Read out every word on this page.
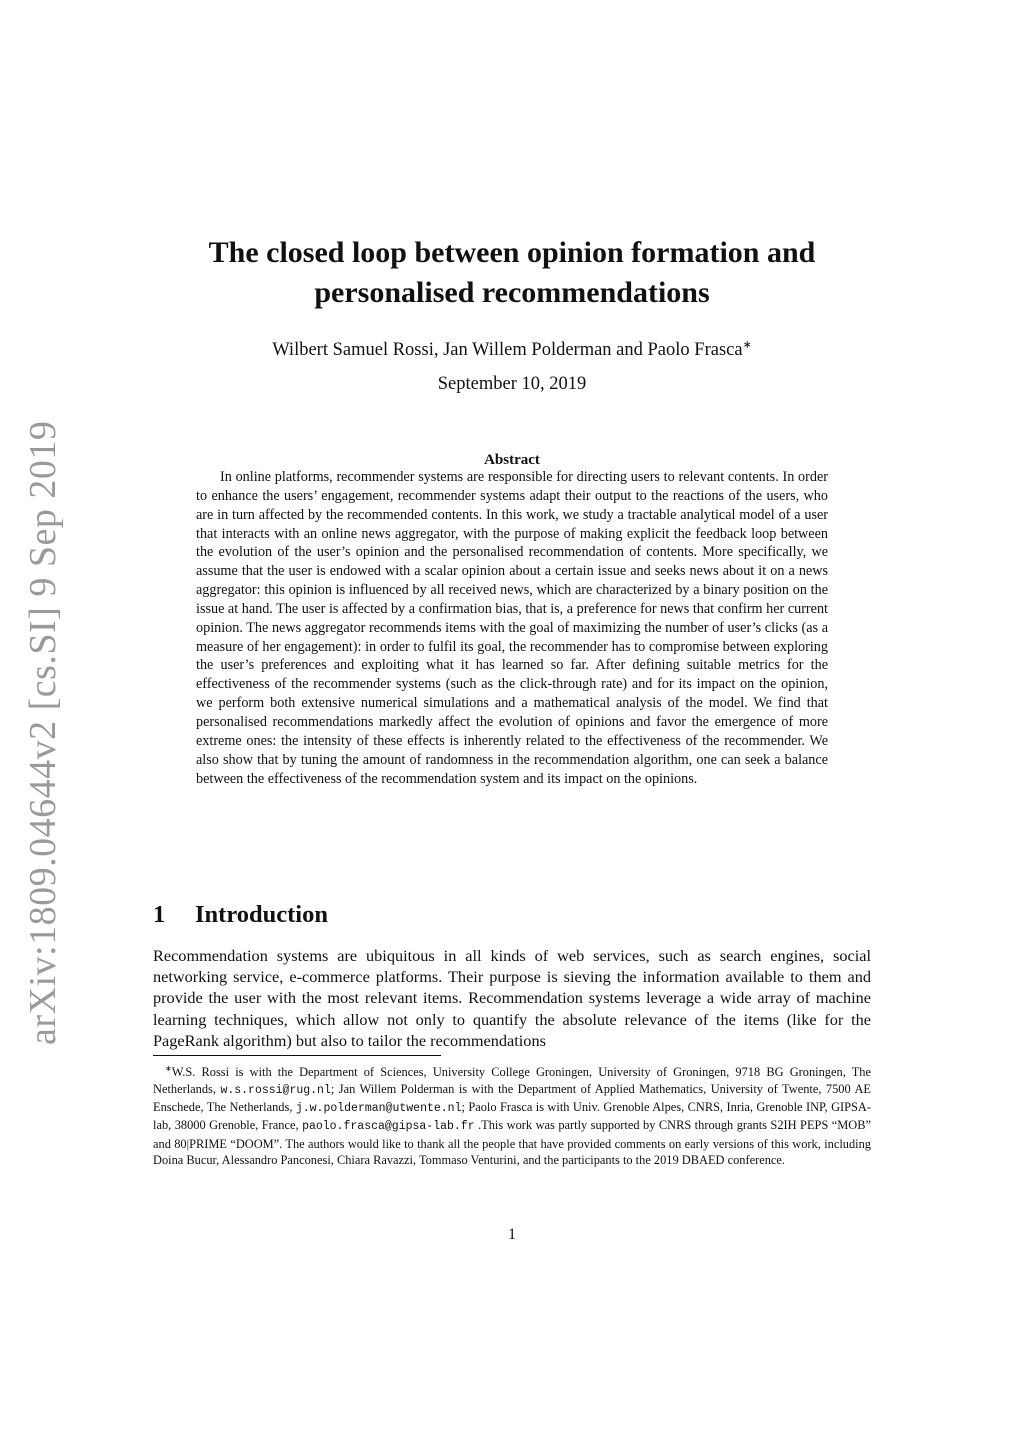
arXiv:1809.04644v2 [cs.SI] 9 Sep 2019
The closed loop between opinion formation and
personalised recommendations
Wilbert Samuel Rossi, Jan Willem Polderman and Paolo Frasca∗
September 10, 2019
Abstract
In online platforms, recommender systems are responsible for directing users to relevant contents. In order to enhance the users’ engagement, recommender systems adapt their output to the reactions of the users, who are in turn affected by the recommended contents. In this work, we study a tractable analytical model of a user that interacts with an online news aggregator, with the purpose of making explicit the feedback loop between the evolution of the user’s opinion and the personalised recommendation of contents. More specifically, we assume that the user is endowed with a scalar opinion about a certain issue and seeks news about it on a news aggregator: this opinion is influenced by all received news, which are characterized by a binary position on the issue at hand. The user is affected by a confirmation bias, that is, a preference for news that confirm her current opinion. The news aggregator recommends items with the goal of maximizing the number of user’s clicks (as a measure of her engagement): in order to fulfil its goal, the recommender has to compromise between exploring the user’s preferences and exploiting what it has learned so far. After defining suitable metrics for the effectiveness of the recommender systems (such as the click-through rate) and for its impact on the opinion, we perform both extensive numerical simulations and a mathematical analysis of the model. We find that personalised recommendations markedly affect the evolution of opinions and favor the emergence of more extreme ones: the intensity of these effects is inherently related to the effectiveness of the recommender. We also show that by tuning the amount of randomness in the recommendation algorithm, one can seek a balance between the effectiveness of the recommendation system and its impact on the opinions.
1 Introduction
Recommendation systems are ubiquitous in all kinds of web services, such as search engines, social networking service, e-commerce platforms. Their purpose is sieving the information available to them and provide the user with the most relevant items. Recommendation systems leverage a wide array of machine learning techniques, which allow not only to quantify the absolute relevance of the items (like for the PageRank algorithm) but also to tailor the recommendations
∗W.S. Rossi is with the Department of Sciences, University College Groningen, University of Groningen, 9718 BG Groningen, The Netherlands, w.s.rossi@rug.nl; Jan Willem Polderman is with the Department of Applied Mathematics, University of Twente, 7500 AE Enschede, The Netherlands, j.w.polderman@utwente.nl; Paolo Frasca is with Univ. Grenoble Alpes, CNRS, Inria, Grenoble INP, GIPSA-lab, 38000 Grenoble, France, paolo.frasca@gipsa-lab.fr .This work was partly supported by CNRS through grants S2IH PEPS “MOB” and 80|PRIME “DOOM”. The authors would like to thank all the people that have provided comments on early versions of this work, including Doina Bucur, Alessandro Panconesi, Chiara Ravazzi, Tommaso Venturini, and the participants to the 2019 DBAED conference.
1
